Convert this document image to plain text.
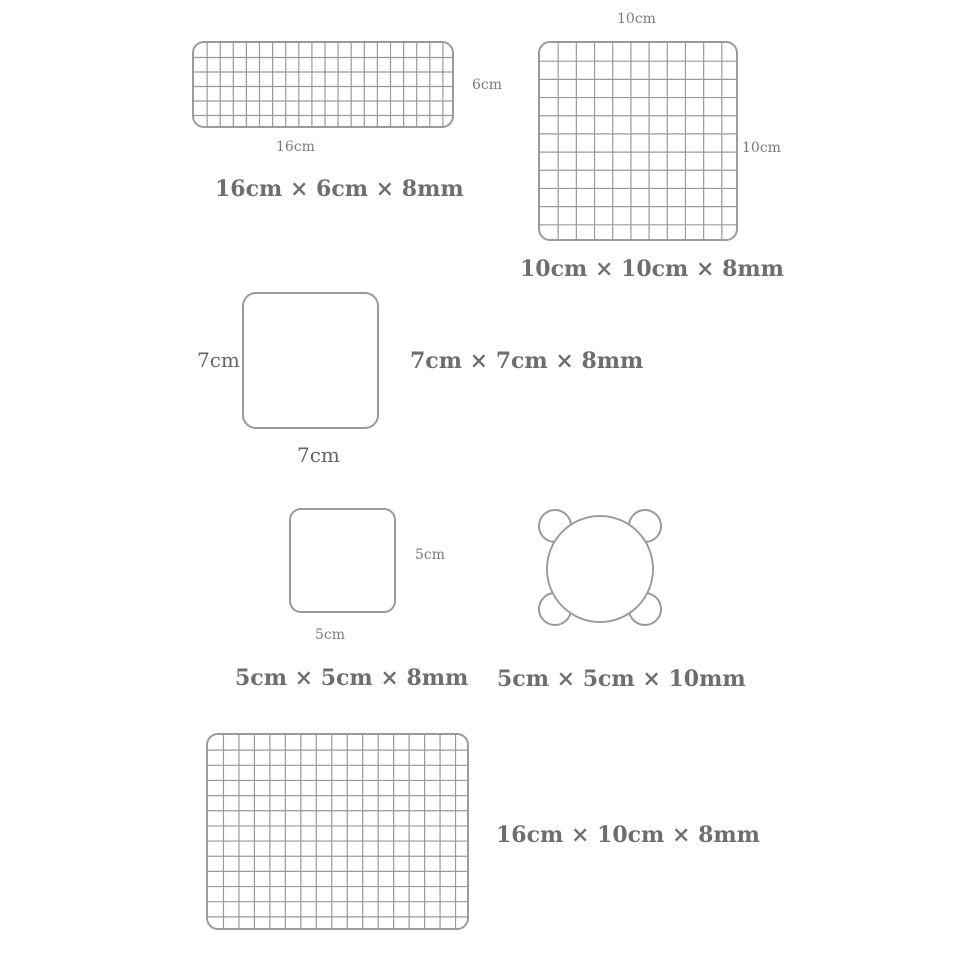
16cm
6cm
16cm × 6cm × 8mm
10cm
10cm
10cm × 10cm × 8mm
7cm
7cm
7cm × 7cm × 8mm
5cm
5cm
5cm × 5cm × 8mm 5cm × 5cm × 10mm
16cm × 10cm × 8mm
